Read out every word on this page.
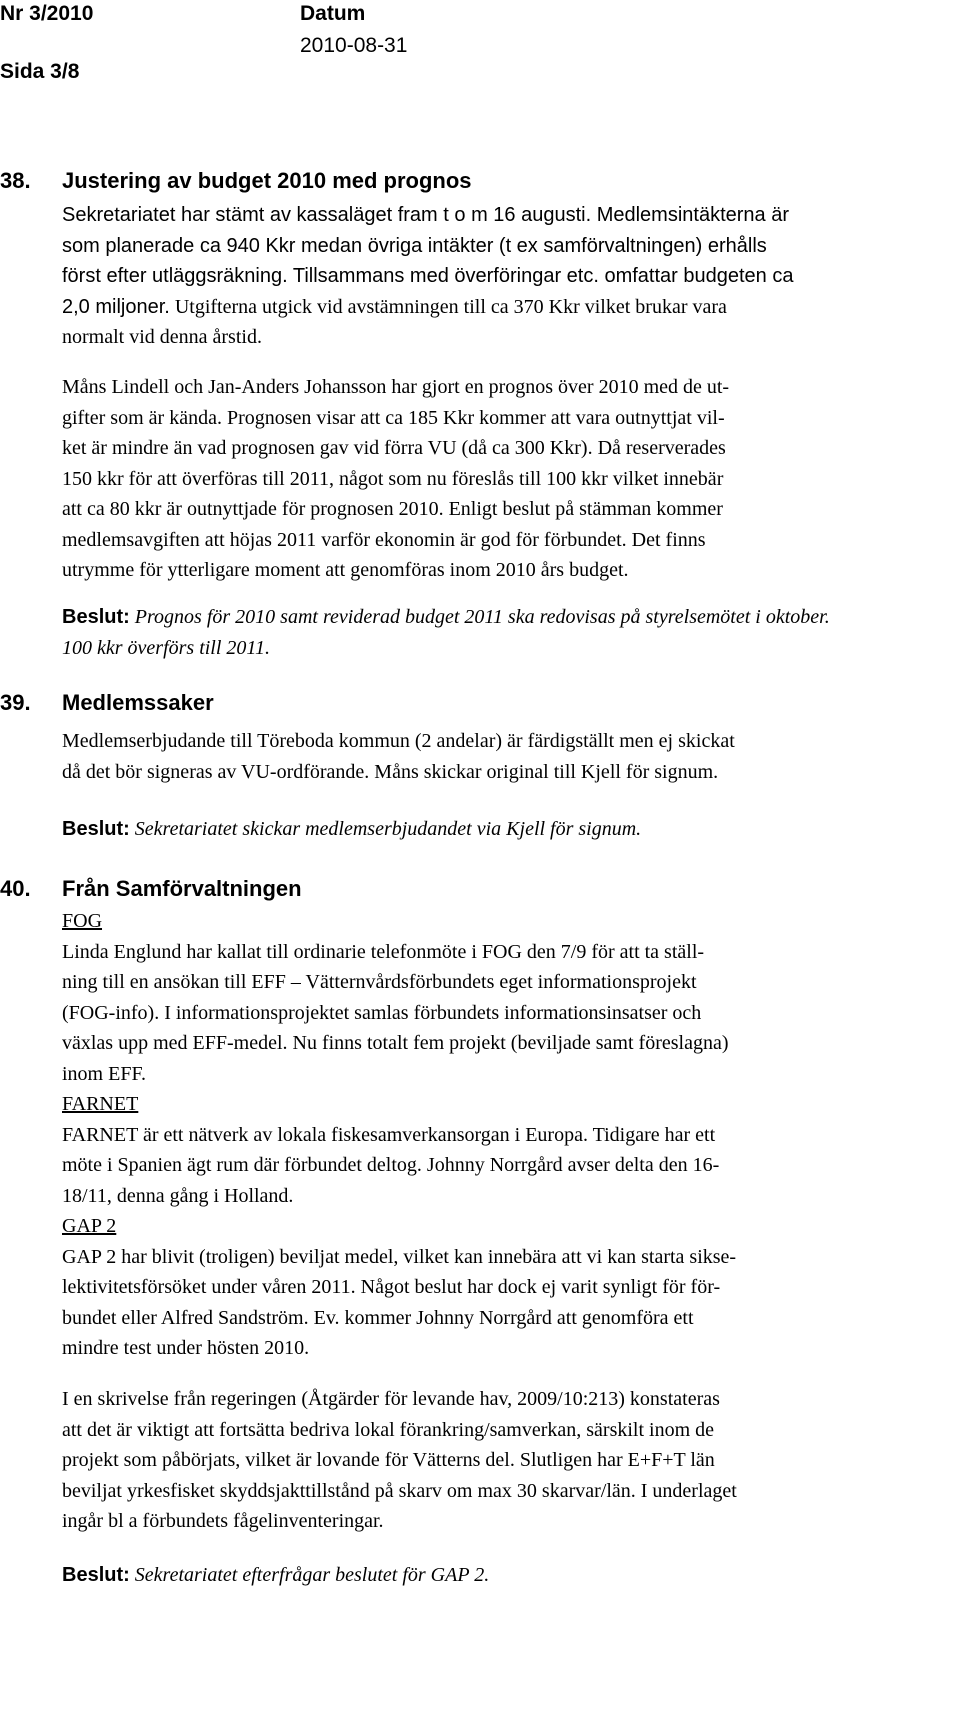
Nr 3/2010	Datum
2010-08-31
Sida 3/8
38. Justering av budget 2010 med prognos
Sekretariatet har stämt av kassaläget fram t o m 16 augusti. Medlemsintäkterna är
som planerade ca 940 Kkr medan övriga intäkter (t ex samförvaltningen) erhålls
först efter utläggsräkning. Tillsammans med överföringar etc. omfattar budgeten ca
2,0 miljoner. Utgifterna utgick vid avstämningen till ca 370 Kkr vilket brukar vara
normalt vid denna årstid.
Måns Lindell och Jan-Anders Johansson har gjort en prognos över 2010 med de ut-
gifter som är kända. Prognosen visar att ca 185 Kkr kommer att vara outnyttjat vil-
ket är mindre än vad prognosen gav vid förra VU (då ca 300 Kkr). Då reserverades
150 kkr för att överföras till 2011, något som nu föreslås till 100 kkr vilket innebär
att ca 80 kkr är outnyttjade för prognosen 2010. Enligt beslut på stämman kommer
medlemsavgiften att höjas 2011 varför ekonomin är god för förbundet. Det finns
utrymme för ytterligare moment att genomföras inom 2010 års budget.
Beslut: Prognos för 2010 samt reviderad budget 2011 ska redovisas på styrelsemötet i oktober.
100 kkr överförs till 2011.
39. Medlemssaker
Medlemserbjudande till Töreboda kommun (2 andelar) är färdigställt men ej skickat
då det bör signeras av VU-ordförande. Måns skickar original till Kjell för signum.
Beslut: Sekretariatet skickar medlemserbjudandet via Kjell för signum.
40. Från Samförvaltningen
FOG
Linda Englund har kallat till ordinarie telefonmöte i FOG den 7/9 för att ta ställ-
ning till en ansökan till EFF – Vätternvårdsförbundets eget informationsprojekt
(FOG-info). I informationsprojektet samlas förbundets informationsinsatser och
växlas upp med EFF-medel. Nu finns totalt fem projekt (beviljade samt föreslagna)
inom EFF.
FARNET
FARNET är ett nätverk av lokala fiskesamverkansorgan i Europa. Tidigare har ett
möte i Spanien ägt rum där förbundet deltog. Johnny Norrgård avser delta den 16-
18/11, denna gång i Holland.
GAP 2
GAP 2 har blivit (troligen) beviljat medel, vilket kan innebära att vi kan starta sikse-
lektivitetsförsöket under våren 2011. Något beslut har dock ej varit synligt för för-
bundet eller Alfred Sandström. Ev. kommer Johnny Norrgård att genomföra ett
mindre test under hösten 2010.
I en skrivelse från regeringen (Åtgärder för levande hav, 2009/10:213) konstateras
att det är viktigt att fortsätta bedriva lokal förankring/samverkan, särskilt inom de
projekt som påbörjats, vilket är lovande för Vätterns del. Slutligen har E+F+T län
beviljat yrkesfisket skyddsjakttillstånd på skarv om max 30 skarvar/län. I underlaget
ingår bl a förbundets fågelinventeringar.
Beslut: Sekretariatet efterfrågar beslutet för GAP 2.
